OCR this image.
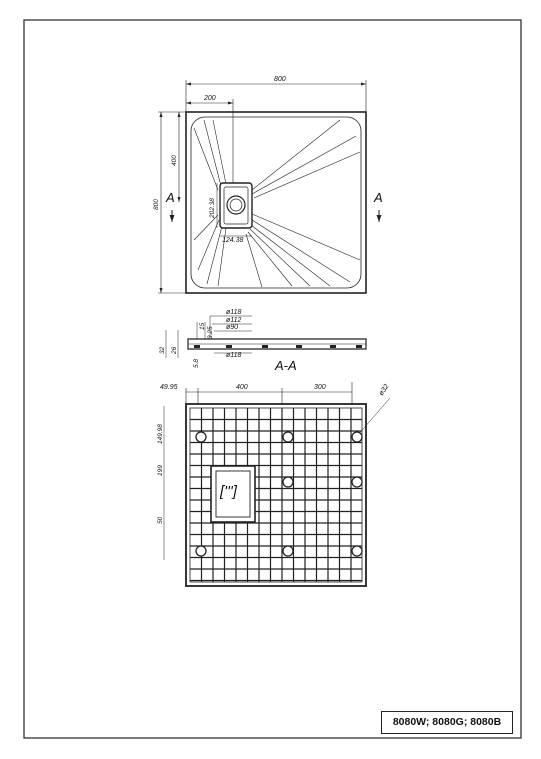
800
200
800
400
A	A
202.38
124.38
ø118
ø112
ø90
ø118
15 3.25
32 26
5.8	A-A
49.95	400	300	ø32
149.98
199
50
[''']
8080W; 8080G; 8080B
